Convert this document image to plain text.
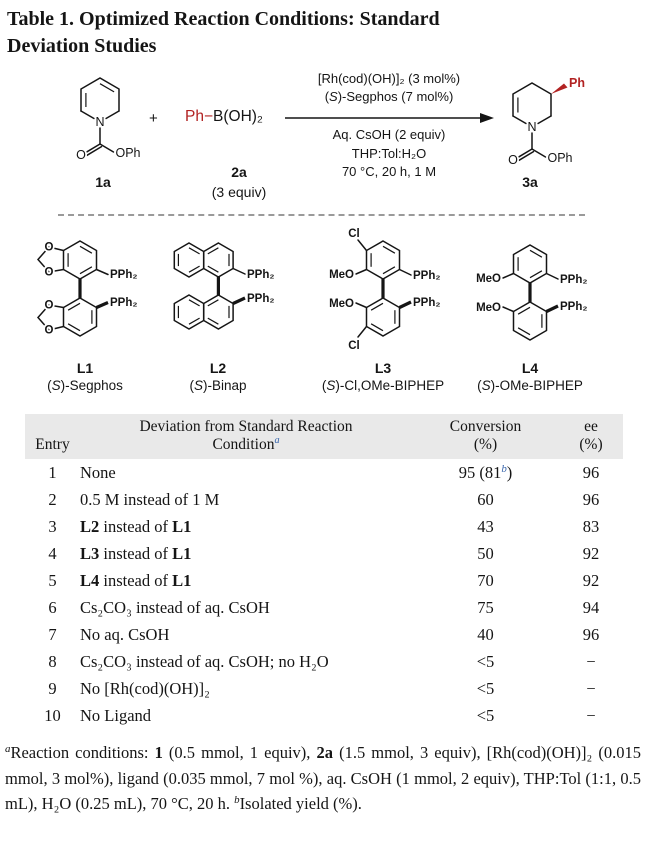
Table 1. Optimized Reaction Conditions: Standard
Deviation Studies
N
O OPh
1a
+ Ph−B(OH)₂
2a
(3 equiv)
[Rh(cod)(OH)]₂ (3 mol%)
(S)-Segphos (7 mol%)
Aq. CsOH (2 equiv)
THP:Tol:H₂O
70 °C, 20 h, 1 M
Ph
N
O OPh
3a
O
O	PPh₂
O
O
PPh₂
L1
(S)-Segphos
PPh₂
PPh₂
L2
(S)-Binap
Cl
MeO	PPh₂
MeO
Cl
PPh₂
L3
(S)-Cl,OMe-BIPHEP
MeO	PPh₂
MeO	PPh₂
L4
(S)-OMe-BIPHEP
Entry	
Deviation from Standard Reaction
Condition$^a$

Conversion
(%)

ee
(%)

1	None	95 (81$^b$)	96
2	0.5 M instead of 1 M	60	96
3	L2 instead of L1	43	83
4	L3 instead of L1	50	92
5	L4 instead of L1	70	92
6	Cs₂CO₃ instead of aq. CsOH	75	94
7	No aq. CsOH	40	96
8	Cs₂CO₃ instead of aq. CsOH; no H₂O	<5	−
9	No [Rh(cod)(OH)]₂	<5	−
10	No Ligand	<5	−
$^a$Reaction conditions: 1 (0.5 mmol, 1 equiv), 2a (1.5 mmol, 3 equiv), [Rh(cod)(OH)]₂ (0.015 mmol, 3 mol%), ligand (0.035 mmol, 7 mol %), aq. CsOH (1 mmol, 2 equiv), THP:Tol (1:1, 0.5 mL), H₂O (0.25 mL), 70 °C, 20 h. $^b$Isolated yield (%).
